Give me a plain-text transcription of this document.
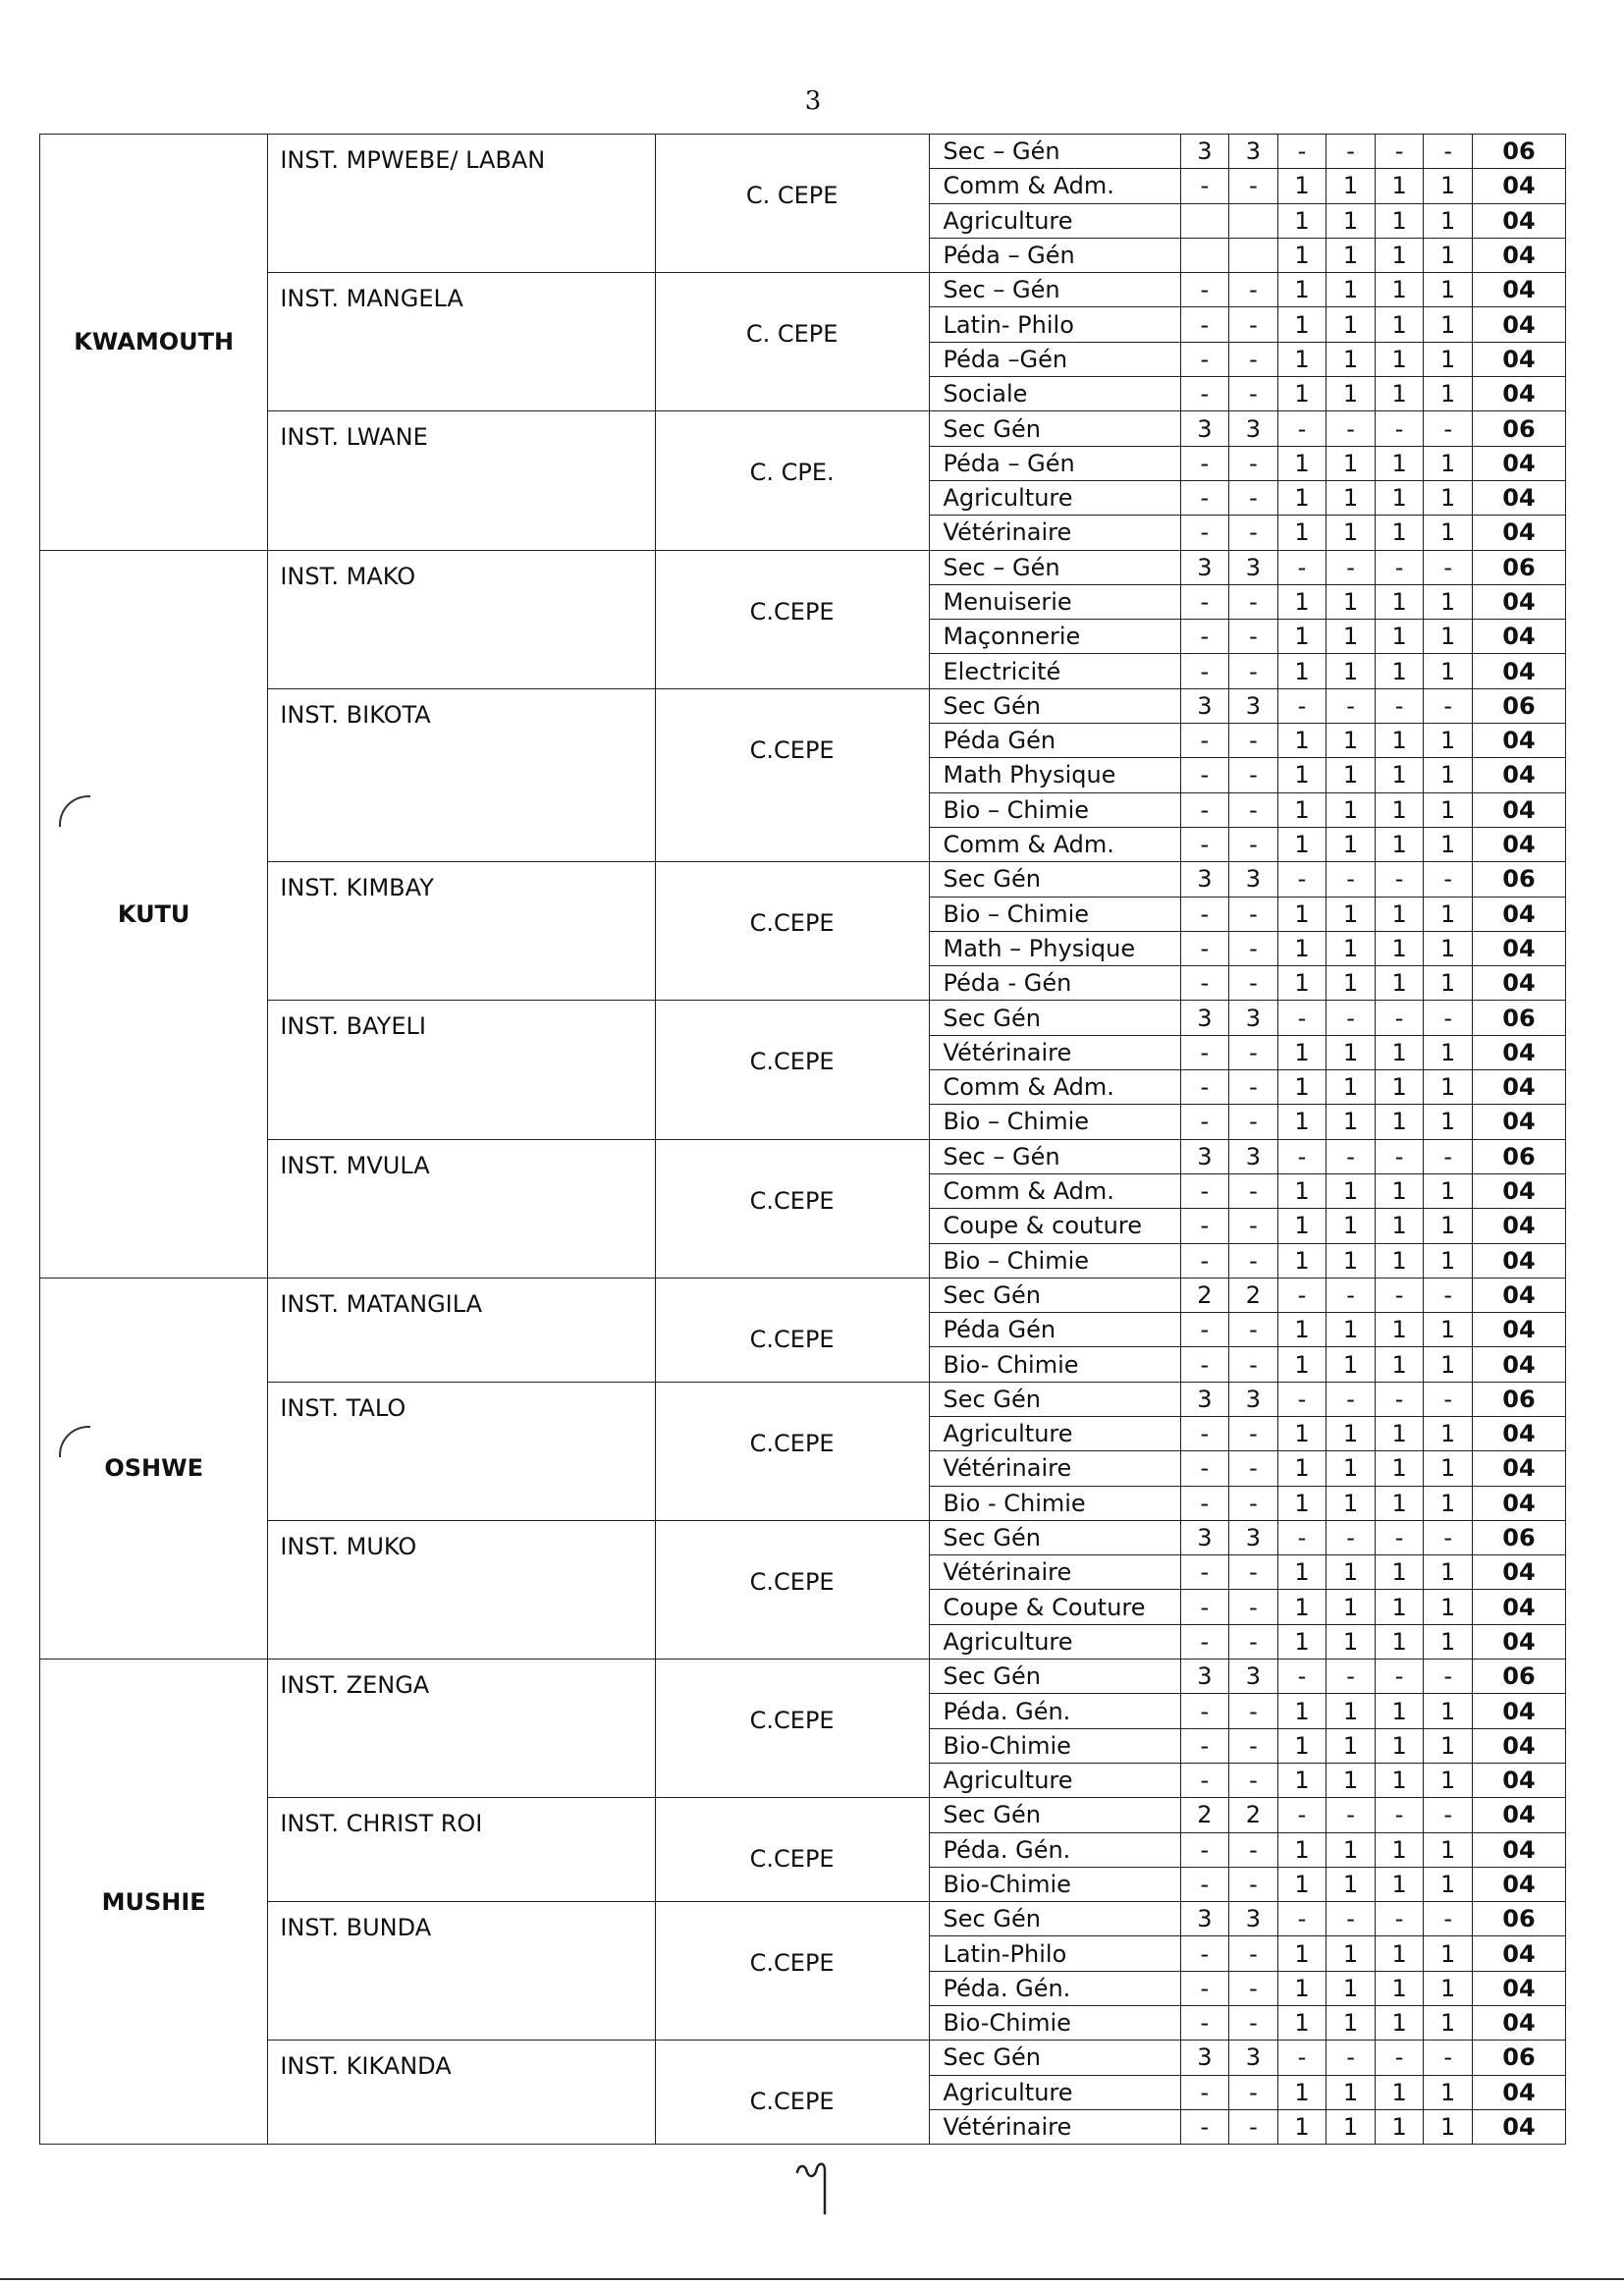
3
KWAMOUTH	INST. MPWEBE/ LABAN	C. CEPE	Sec – Gén	3	3	-	-	-	-	06
			Comm & Adm.	-	-	1	1	1	1	04
			Agriculture			1	1	1	1	04
			Péda – Gén			1	1	1	1	04
	INST. MANGELA	C. CEPE	Sec – Gén	-	-	1	1	1	1	04
			Latin- Philo	-	-	1	1	1	1	04
			Péda –Gén	-	-	1	1	1	1	04
			Sociale	-	-	1	1	1	1	04
	INST. LWANE	C. CPE.	Sec Gén	3	3	-	-	-	-	06
			Péda – Gén	-	-	1	1	1	1	04
			Agriculture	-	-	1	1	1	1	04
			Vétérinaire	-	-	1	1	1	1	04
KUTU	INST. MAKO	C.CEPE	Sec – Gén	3	3	-	-	-	-	06
			Menuiserie	-	-	1	1	1	1	04
			Maçonnerie	-	-	1	1	1	1	04
			Electricité	-	-	1	1	1	1	04
	INST. BIKOTA	C.CEPE	Sec Gén	3	3	-	-	-	-	06
			Péda Gén	-	-	1	1	1	1	04
			Math Physique	-	-	1	1	1	1	04
			Bio – Chimie	-	-	1	1	1	1	04
			Comm & Adm.	-	-	1	1	1	1	04
	INST. KIMBAY	C.CEPE	Sec Gén	3	3	-	-	-	-	06
			Bio – Chimie	-	-	1	1	1	1	04
			Math – Physique	-	-	1	1	1	1	04
			Péda - Gén	-	-	1	1	1	1	04
	INST. BAYELI	C.CEPE	Sec Gén	3	3	-	-	-	-	06
			Vétérinaire	-	-	1	1	1	1	04
			Comm & Adm.	-	-	1	1	1	1	04
			Bio – Chimie	-	-	1	1	1	1	04
	INST. MVULA	C.CEPE	Sec – Gén	3	3	-	-	-	-	06
			Comm & Adm.	-	-	1	1	1	1	04
			Coupe & couture	-	-	1	1	1	1	04
			Bio – Chimie	-	-	1	1	1	1	04
OSHWE	INST. MATANGILA	C.CEPE	Sec Gén	2	2	-	-	-	-	04
			Péda Gén	-	-	1	1	1	1	04
			Bio- Chimie	-	-	1	1	1	1	04
	INST. TALO	C.CEPE	Sec Gén	3	3	-	-	-	-	06
			Agriculture	-	-	1	1	1	1	04
			Vétérinaire	-	-	1	1	1	1	04
			Bio - Chimie	-	-	1	1	1	1	04
	INST. MUKO	C.CEPE	Sec Gén	3	3	-	-	-	-	06
			Vétérinaire	-	-	1	1	1	1	04
			Coupe & Couture	-	-	1	1	1	1	04
			Agriculture	-	-	1	1	1	1	04
MUSHIE	INST. ZENGA	C.CEPE	Sec Gén	3	3	-	-	-	-	06
			Péda. Gén.	-	-	1	1	1	1	04
			Bio-Chimie	-	-	1	1	1	1	04
			Agriculture	-	-	1	1	1	1	04
	INST. CHRIST ROI	C.CEPE	Sec Gén	2	2	-	-	-	-	04
			Péda. Gén.	-	-	1	1	1	1	04
			Bio-Chimie	-	-	1	1	1	1	04
	INST. BUNDA	C.CEPE	Sec Gén	3	3	-	-	-	-	06
			Latin-Philo	-	-	1	1	1	1	04
			Péda. Gén.	-	-	1	1	1	1	04
			Bio-Chimie	-	-	1	1	1	1	04
	INST. KIKANDA	C.CEPE	Sec Gén	3	3	-	-	-	-	06
			Agriculture	-	-	1	1	1	1	04
			Vétérinaire	-	-	1	1	1	1	04
